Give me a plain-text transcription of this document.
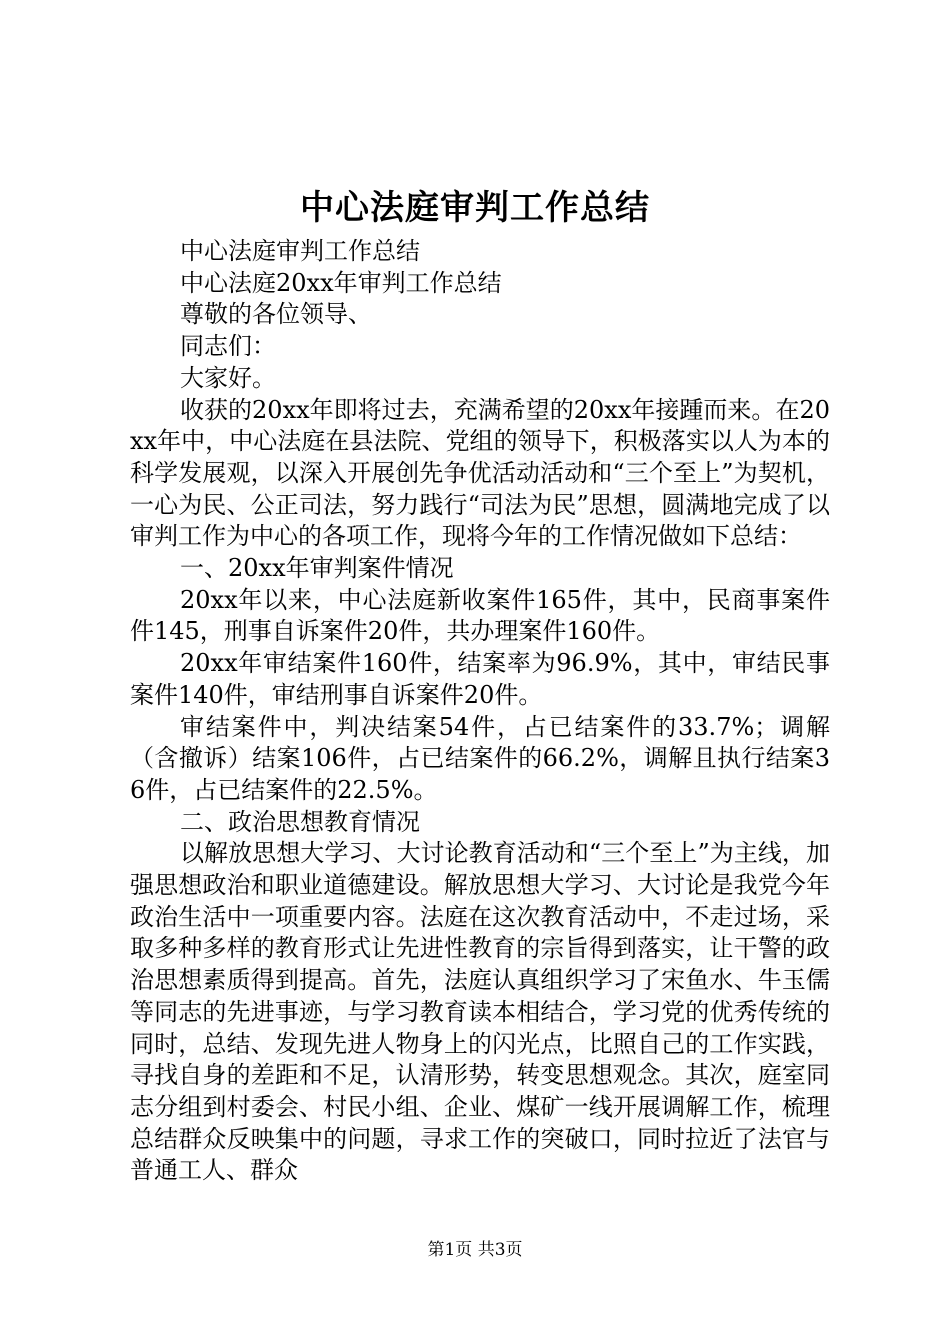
中心法庭审判工作总结

中心法庭审判工作总结

中心法庭20xx年审判工作总结

尊敬的各位领导、

同志们：

大家好。

收获的20xx年即将过去，充满希望的20xx年接踵而来。在20xx年中，中心法庭在县法院、党组的领导下，积极落实以人为本的科学发展观，以深入开展创先争优活动活动和“三个至上”为契机，一心为民、公正司法，努力践行“司法为民”思想，圆满地完成了以审判工作为中心的各项工作，现将今年的工作情况做如下总结：

一、20xx年审判案件情况

20xx年以来，中心法庭新收案件165件，其中，民商事案件件145，刑事自诉案件20件，共办理案件160件。

20xx年审结案件160件，结案率为96.9%，其中，审结民事案件140件，审结刑事自诉案件20件。

审结案件中，判决结案54件，占已结案件的33.7%；调解（含撤诉）结案106件，占已结案件的66.2%，调解且执行结案36件，占已结案件的22.5%。

二、政治思想教育情况

以解放思想大学习、大讨论教育活动和“三个至上”为主线，加强思想政治和职业道德建设。解放思想大学习、大讨论是我党今年政治生活中一项重要内容。法庭在这次教育活动中，不走过场，采取多种多样的教育形式让先进性教育的宗旨得到落实，让干警的政治思想素质得到提高。首先，法庭认真组织学习了宋鱼水、牛玉儒等同志的先进事迹，与学习教育读本相结合，学习党的优秀传统的同时，总结、发现先进人物身上的闪光点，比照自己的工作实践，寻找自身的差距和不足，认清形势，转变思想观念。其次，庭室同志分组到村委会、村民小组、企业、煤矿一线开展调解工作，梳理总结群众反映集中的问题，寻求工作的突破口，同时拉近了法官与普通工人、群众

第1页 共3页
